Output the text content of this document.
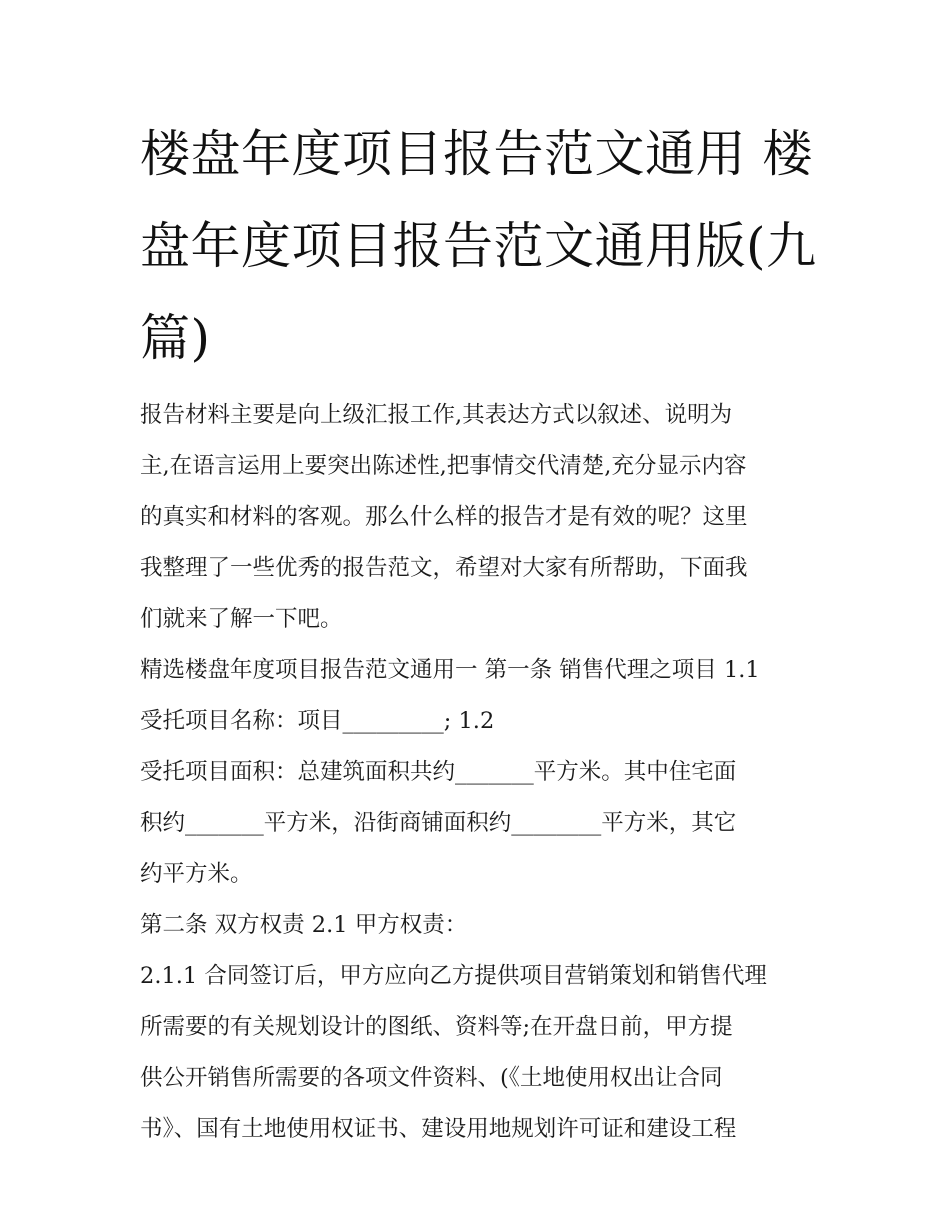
楼盘年度项目报告范文通用 楼盘年度项目报告范文通用版(九篇)

报告材料主要是向上级汇报工作,其表达方式以叙述、说明为
主,在语言运用上要突出陈述性,把事情交代清楚,充分显示内容
的真实和材料的客观。那么什么样的报告才是有效的呢？这里
我整理了一些优秀的报告范文，希望对大家有所帮助，下面我
们就来了解一下吧。

精选楼盘年度项目报告范文通用一 第一条 销售代理之项目 1.1
受托项目名称：项目_________; 1.2

受托项目面积：总建筑面积共约_______平方米。其中住宅面
积约_______平方米，沿街商铺面积约________平方米，其它
约平方米。

第二条 双方权责 2.1 甲方权责：

2.1.1 合同签订后，甲方应向乙方提供项目营销策划和销售代理
所需要的有关规划设计的图纸、资料等;在开盘日前，甲方提
供公开销售所需要的各项文件资料、(《土地使用权出让合同
书》、国有土地使用权证书、建设用地规划许可证和建设工程
